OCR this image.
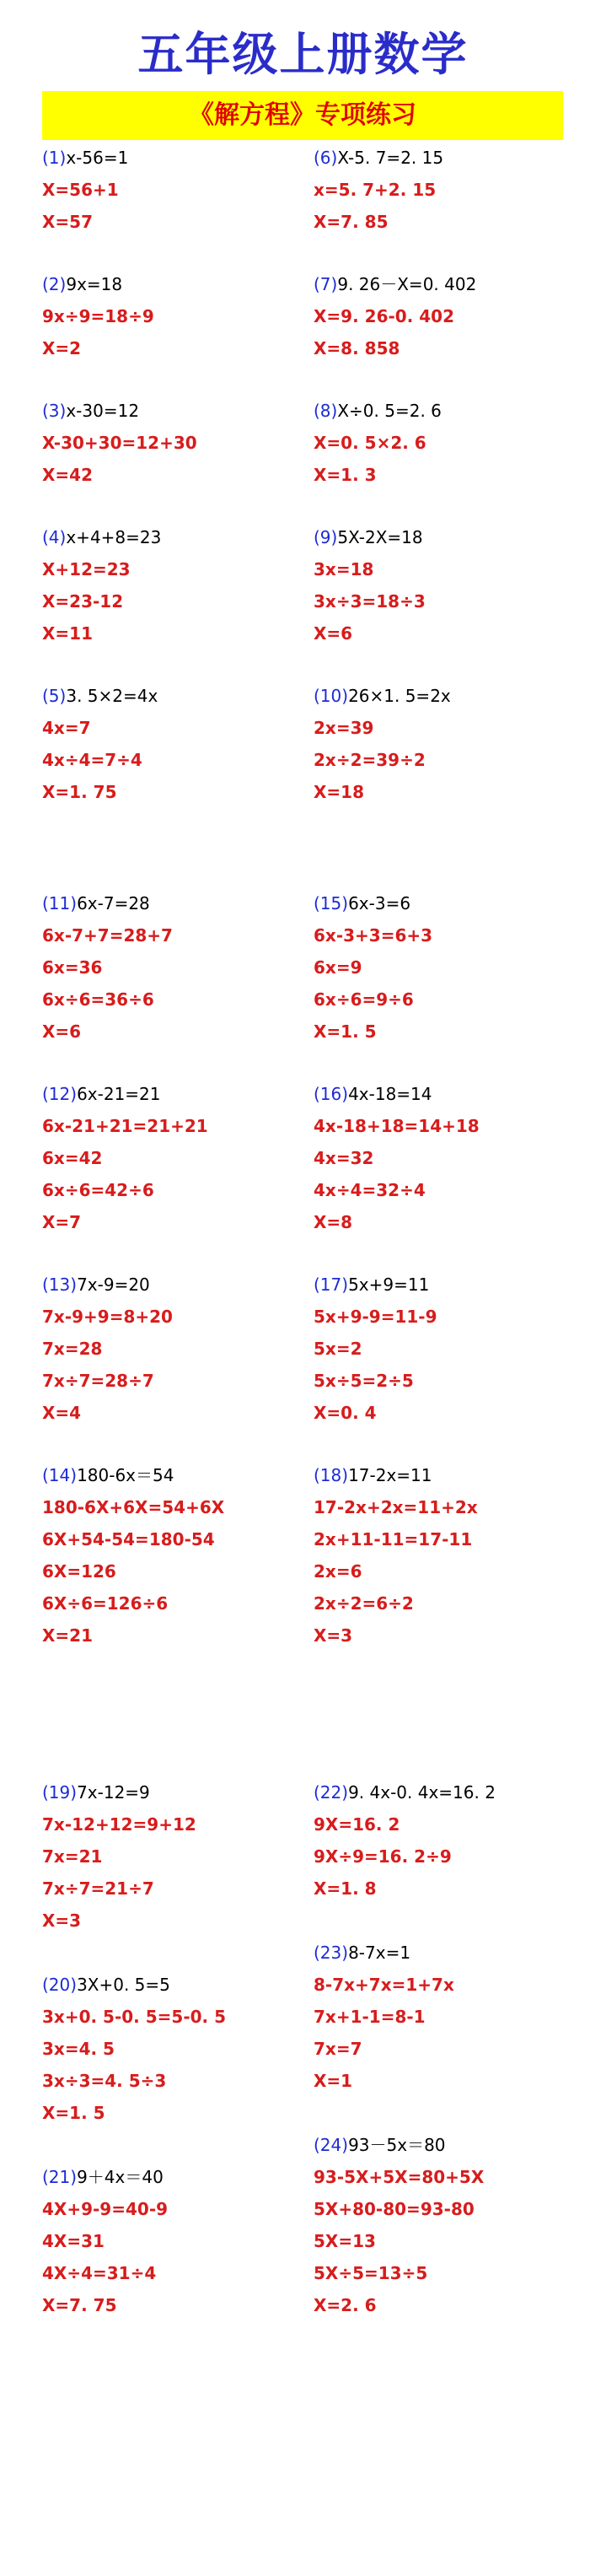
五年级上册数学
《解方程》专项练习
(1)x-56=1
X=56+1
X=57
(6)X-5. 7=2. 15
x=5. 7+2. 15
X=7. 85
(2)9x=18
9x÷9=18÷9
X=2
(7)9. 26－X=0. 402
X=9. 26-0. 402
X=8. 858
(3)x-30=12
X-30+30=12+30
X=42
(8)X÷0. 5=2. 6
X=0. 5×2. 6
X=1. 3
(4)x+4+8=23
X+12=23
X=23-12
X=11
(9)5X-2X=18
3x=18
3x÷3=18÷3
X=6
(5)3. 5×2=4x
4x=7
4x÷4=7÷4
X=1. 75
(10)26×1. 5=2x
2x=39
2x÷2=39÷2
X=18
(11)6x-7=28
6x-7+7=28+7
6x=36
6x÷6=36÷6
X=6
(15)6x-3=6
6x-3+3=6+3
6x=9
6x÷6=9÷6
X=1. 5
(12)6x-21=21
6x-21+21=21+21
6x=42
6x÷6=42÷6
X=7
(16)4x-18=14
4x-18+18=14+18
4x=32
4x÷4=32÷4
X=8
(13)7x-9=20
7x-9+9=8+20
7x=28
7x÷7=28÷7
X=4
(17)5x+9=11
5x+9-9=11-9
5x=2
5x÷5=2÷5
X=0. 4
(14)180-6x＝54
180-6X+6X=54+6X
6X+54-54=180-54
6X=126
6X÷6=126÷6
X=21
(18)17-2x=11
17-2x+2x=11+2x
2x+11-11=17-11
2x=6
2x÷2=6÷2
X=3
(19)7x-12=9
7x-12+12=9+12
7x=21
7x÷7=21÷7
X=3
(22)9. 4x-0. 4x=16. 2
9X=16. 2
9X÷9=16. 2÷9
X=1. 8
(20)3X+0. 5=5
3x+0. 5-0. 5=5-0. 5
3x=4. 5
3x÷3=4. 5÷3
X=1. 5
(23)8-7x=1
8-7x+7x=1+7x
7x+1-1=8-1
7x=7
X=1
(21)9＋4x＝40
4X+9-9=40-9
4X=31
4X÷4=31÷4
X=7. 75
(24)93－5x＝80
93-5X+5X=80+5X
5X+80-80=93-80
5X=13
5X÷5=13÷5
X=2. 6
